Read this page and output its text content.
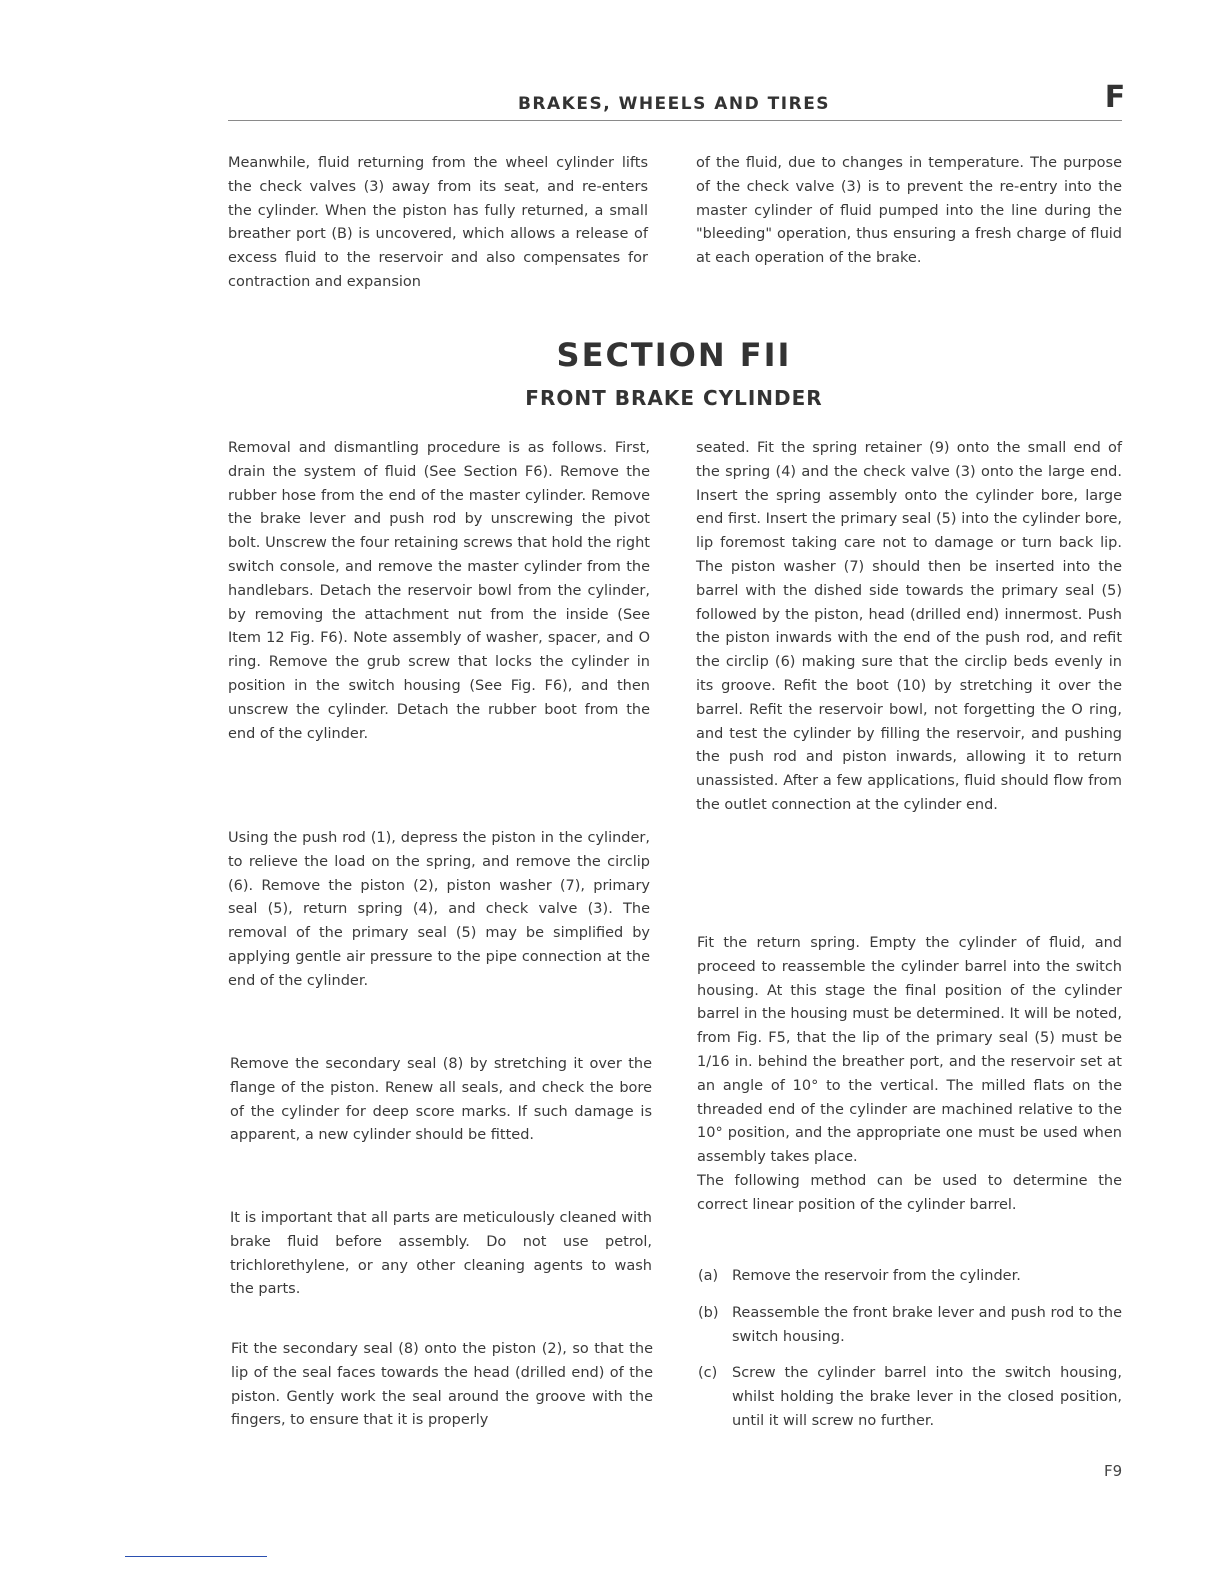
BRAKES, WHEELS AND TIRES	F

Meanwhile, fluid returning from the wheel cylinder lifts the check valves (3) away from its seat, and re-enters the cylinder. When the piston has fully returned, a small breather port (B) is uncovered, which allows a release of excess fluid to the reservoir and also compensates for contraction and expansion

of the fluid, due to changes in temperature. The purpose of the check valve (3) is to prevent the re-entry into the master cylinder of fluid pumped into the line during the "bleeding" operation, thus ensuring a fresh charge of fluid at each operation of the brake.

SECTION FII
FRONT BRAKE CYLINDER

Removal and dismantling procedure is as follows. First, drain the system of fluid (See Section F6). Remove the rubber hose from the end of the master cylinder. Remove the brake lever and push rod by unscrewing the pivot bolt. Unscrew the four retaining screws that hold the right switch console, and remove the master cylinder from the handlebars. Detach the reservoir bowl from the cylinder, by removing the attachment nut from the inside (See Item 12 Fig. F6). Note assembly of washer, spacer, and O ring. Remove the grub screw that locks the cylinder in position in the switch housing (See Fig. F6), and then unscrew the cylinder. Detach the rubber boot from the end of the cylinder.

Using the push rod (1), depress the piston in the cylinder, to relieve the load on the spring, and remove the circlip (6). Remove the piston (2), piston washer (7), primary seal (5), return spring (4), and check valve (3). The removal of the primary seal (5) may be simplified by applying gentle air pressure to the pipe connection at the end of the cylinder.

Remove the secondary seal (8) by stretching it over the flange of the piston. Renew all seals, and check the bore of the cylinder for deep score marks. If such damage is apparent, a new cylinder should be fitted.

It is important that all parts are meticulously cleaned with brake fluid before assembly. Do not use petrol, trichlorethylene, or any other cleaning agents to wash the parts.

Fit the secondary seal (8) onto the piston (2), so that the lip of the seal faces towards the head (drilled end) of the piston. Gently work the seal around the groove with the fingers, to ensure that it is properly

seated. Fit the spring retainer (9) onto the small end of the spring (4) and the check valve (3) onto the large end. Insert the spring assembly onto the cylinder bore, large end first. Insert the primary seal (5) into the cylinder bore, lip foremost taking care not to damage or turn back lip. The piston washer (7) should then be inserted into the barrel with the dished side towards the primary seal (5) followed by the piston, head (drilled end) innermost. Push the piston inwards with the end of the push rod, and refit the circlip (6) making sure that the circlip beds evenly in its groove. Refit the boot (10) by stretching it over the barrel. Refit the reservoir bowl, not forgetting the O ring, and test the cylinder by filling the reservoir, and pushing the push rod and piston inwards, allowing it to return unassisted. After a few applications, fluid should flow from the outlet connection at the cylinder end.

Fit the return spring. Empty the cylinder of fluid, and proceed to reassemble the cylinder barrel into the switch housing. At this stage the final position of the cylinder barrel in the housing must be determined. It will be noted, from Fig. F5, that the lip of the primary seal (5) must be 1/16 in. behind the breather port, and the reservoir set at an angle of 10° to the vertical. The milled flats on the threaded end of the cylinder are machined relative to the 10° position, and the appropriate one must be used when assembly takes place.

The following method can be used to determine the correct linear position of the cylinder barrel.

(a) Remove the reservoir from the cylinder.
(b) Reassemble the front brake lever and push rod to the switch housing.
(c)	Screw the cylinder barrel into the switch housing, whilst holding the brake lever in the closed position, until it will screw no further.
F9
